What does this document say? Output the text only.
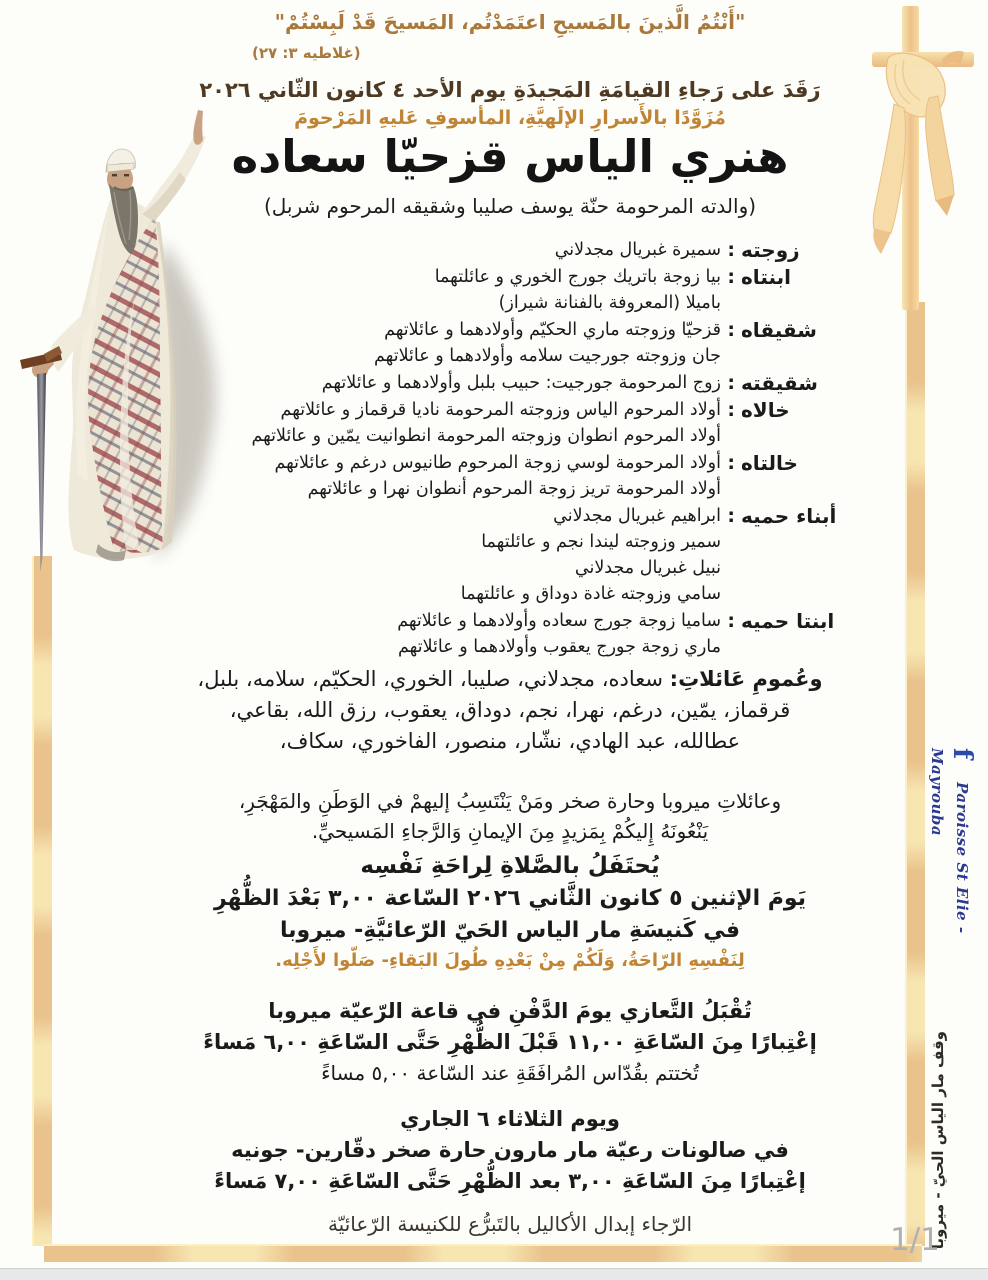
"أَنْتُمُ الَّذينَ بالمَسيحِ اعتَمَدْتُم، المَسيحَ قَدْ لَبِسْتُمْ"
(غلاطيه ٣: ٢٧)
رَقَدَ على رَجاءِ القيامَةِ المَجيدَةِ يوم الأحد ٤ كانون الثّاني ٢٠٢٦
مُزَوَّدًا بالأَسرارِ الإلَهيَّةِ، المأسوفِ عَليهِ المَرْحومَ
هنري الياس قزحيّا سعاده
(والدته المرحومة حنّة يوسف صليبا وشقيقه المرحوم شربل)
زوجته
:
سميرة غبريال مجدلاني
ابنتاه
:
بيا زوجة باتريك جورج الخوري و عائلتهما
باميلا (المعروفة بالفنانة شيراز)
شقيقاه
:
قزحيّا وزوجته ماري الحكيّم وأولادهما و عائلاتهم
جان وزوجته جورجيت سلامه وأولادهما و عائلاتهم
شقيقته
:
زوج المرحومة جورجيت: حبيب بلبل وأولادهما و عائلاتهم
خالاه
:
أولاد المرحوم الياس وزوجته المرحومة ناديا قرقماز و عائلاتهم
أولاد المرحوم انطوان وزوجته المرحومة انطوانيت يمّين و عائلاتهم
خالتاه
:
أولاد المرحومة لوسي زوجة المرحوم طانيوس درغم و عائلاتهم
أولاد المرحومة تريز زوجة المرحوم أنطوان نهرا و عائلاتهم
أبناء حميه
:
ابراهيم غبريال مجدلاني
سمير وزوجته ليندا نجم و عائلتهما
نبيل غبريال مجدلاني
سامي وزوجته غادة دوداق و عائلتهما
ابنتا حميه
:
ساميا زوجة جورج سعاده وأولادهما و عائلاتهم
ماري زوجة جورج يعقوب وأولادهما و عائلاتهم
وعُمومِ عَائلاتِ: سعاده، مجدلاني، صليبا، الخوري، الحكيّم، سلامه، بلبل،
قرقماز، يمّين، درغم، نهرا، نجم، دوداق، يعقوب، رزق الله، بقاعي،
عطالله، عبد الهادي، نشّار، منصور، الفاخوري، سكاف،
وعائلاتِ ميروبا وحارة صخر ومَنْ يَنْتَسِبُ إليهمْ في الوَطَنِ والمَهْجَرِ،
يَنْعُونَهُ إِليكُمْ بِمَزيدٍ مِنَ الإيمانِ وَالرَّجاءِ المَسيحيِّ.
يُحتَفَلُ بالصَّلاةِ لِراحَةِ نَفْسِه
يَومَ الإثنين ٥ كانون الثَّاني ٢٠٢٦ السّاعة ٣,٠٠ بَعْدَ الظُّهْرِ
في كَنيسَةِ مار الياس الحَيّ الرّعائيَّةِ- ميروبا
لِنَفْسِهِ الرّاحَةُ، وَلَكُمْ مِنْ بَعْدِهِ طُولَ البَقاءِ- صَلّوا لأَجْلِه.
تُقْبَلُ التَّعازي يومَ الدَّفْنِ في قاعة الرّعيّة ميروبا
إعْتِبارًا مِنَ السّاعَةِ ١١,٠٠ قَبْلَ الظُّهْرِ حَتَّى السّاعَةِ ٦,٠٠ مَساءً
تُختتم بقُدّاس المُرافَقَةِ عند السّاعة ٥,٠٠ مساءً
ويوم الثلاثاء ٦ الجاري
في صالونات رعيّة مار مارون حارة صخر دقّارين- جونيه
إعْتِبارًا مِنَ السّاعَةِ ٣,٠٠ بعد الظُّهْرِ حَتَّى السّاعَةِ ٧,٠٠ مَساءً
الرّجاء إبدال الأكاليل بالتَبرُّع للكنيسة الرّعائيّة
f Paroisse St Elie - Mayrouba
وقف مار الياس الحيّ - ميروبا
1/1
